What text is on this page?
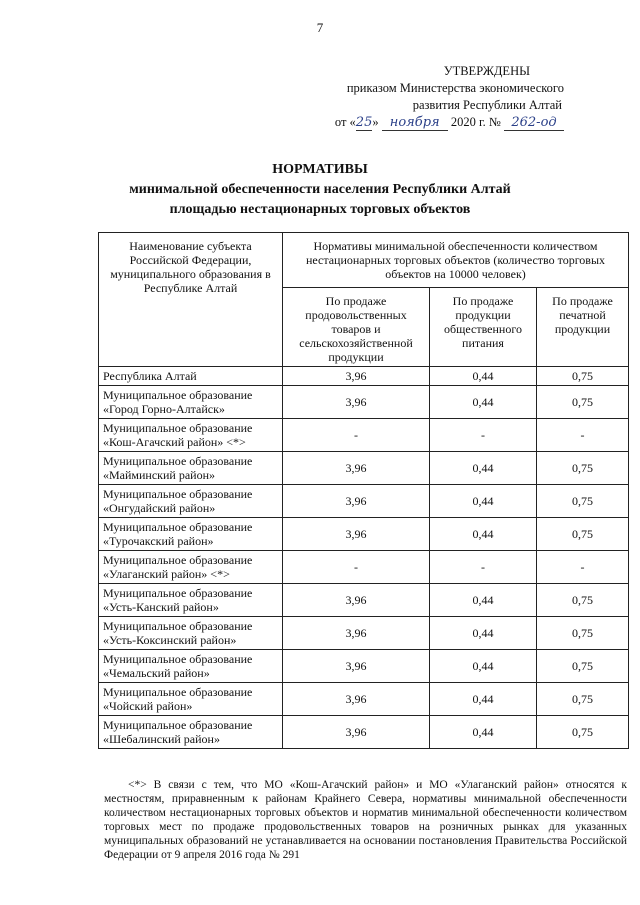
7
УТВЕРЖДЕНЫ
приказом Министерства экономического
развития Республики Алтай
от «25» ноября 2020 г. № 262-од
НОРМАТИВЫ
минимальной обеспеченности населения Республики Алтай
площадью нестационарных торговых объектов
Наименование субъекта Российской Федерации, муниципального образования в Республике Алтай	Нормативы минимальной обеспеченности количеством нестационарных торговых объектов (количество торговых объектов на 10000 человек)		
	По продаже продовольственных товаров и сельскохозяйственной продукции	По продаже продукции общественного питания	По продаже печатной продукции
Республика Алтай	3,96	0,44	0,75
Муниципальное образование «Город Горно-Алтайск»	3,96	0,44	0,75
Муниципальное образование «Кош-Агачский район» <*>	-	-	-
Муниципальное образование «Майминский район»	3,96	0,44	0,75
Муниципальное образование «Онгудайский район»	3,96	0,44	0,75
Муниципальное образование «Турочакский район»	3,96	0,44	0,75
Муниципальное образование «Улаганский район» <*>	-	-	-
Муниципальное образование «Усть-Канский район»	3,96	0,44	0,75
Муниципальное образование «Усть-Коксинский район»	3,96	0,44	0,75
Муниципальное образование «Чемальский район»	3,96	0,44	0,75
Муниципальное образование «Чойский район»	3,96	0,44	0,75
Муниципальное образование «Шебалинский район»	3,96	0,44	0,75

<*> В связи с тем, что МО «Кош-Агачский район» и МО «Улаганский район» относятся к местностям, приравненным к районам Крайнего Севера, нормативы минимальной обеспеченности количеством нестационарных торговых объектов и норматив минимальной обеспеченности количеством торговых мест по продаже продовольственных товаров на розничных рынках для указанных муниципальных образований не устанавливается на основании постановления Правительства Российской Федерации от 9 апреля 2016 года № 291
